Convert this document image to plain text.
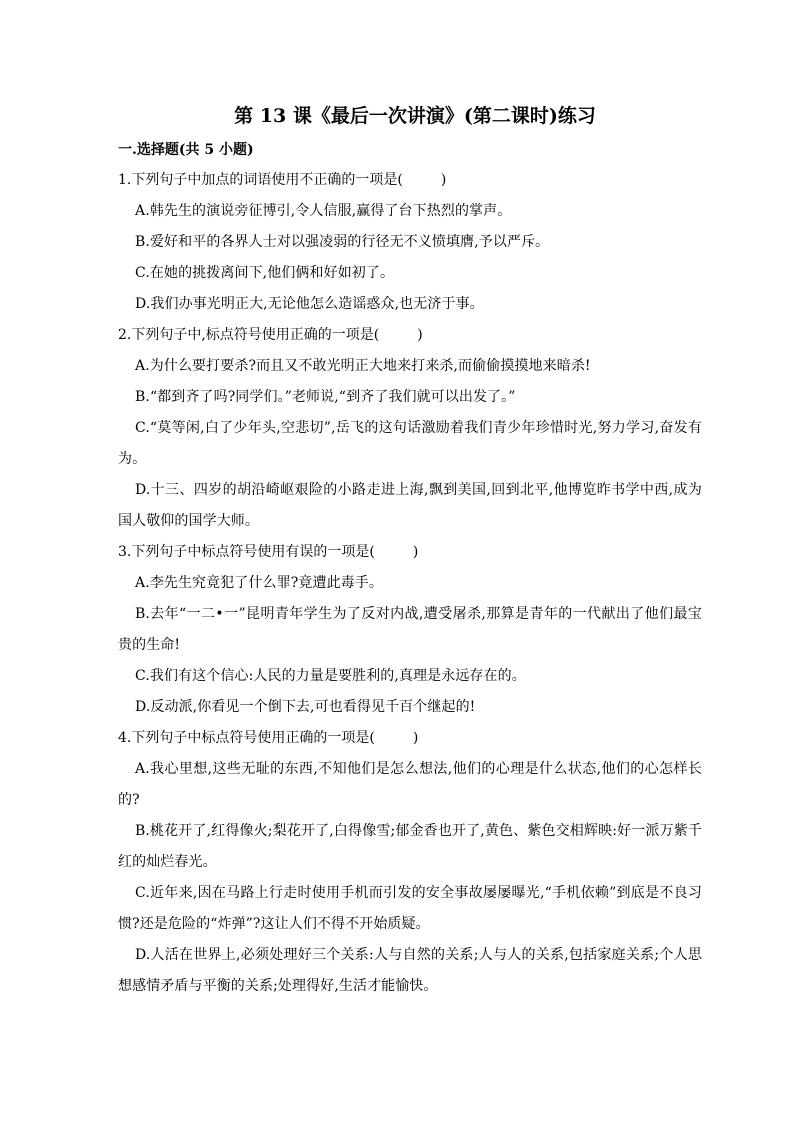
第 13 课《最后一次讲演》(第二课时)练习
一.选择题(共 5 小题)
1.下列句子中加点的词语使用不正确的一项是(	)
A.韩先生的演说旁征博引,令人信服,赢得了台下热烈的掌声。
B.爱好和平的各界人士对以强凌弱的行径无不义愤填膺,予以严斥。
C.在她的挑拨离间下,他们俩和好如初了。
D.我们办事光明正大,无论他怎么造谣惑众,也无济于事。
2.下列句子中,标点符号使用正确的一项是(	)
A.为什么要打要杀?而且又不敢光明正大地来打来杀,而偷偷摸摸地来暗杀!
B.“都到齐了吗?同学们。”老师说,“到齐了我们就可以出发了。”
C.“莫等闲,白了少年头,空悲切”,岳飞的这句话激励着我们青少年珍惜时光,努力学习,奋发有为。
D.十三、四岁的胡沿崎岖艰险的小路走进上海,飘到美国,回到北平,他博览昨书学中西,成为国人敬仰的国学大师。
3.下列句子中标点符号使用有误的一项是(	)
A.李先生究竟犯了什么罪?竟遭此毒手。
B.去年“一二•一”昆明青年学生为了反对内战,遭受屠杀,那算是青年的一代献出了他们最宝贵的生命!
C.我们有这个信心:人民的力量是要胜利的,真理是永远存在的。
D.反动派,你看见一个倒下去,可也看得见千百个继起的!
4.下列句子中标点符号使用正确的一项是(	)
A.我心里想,这些无耻的东西,不知他们是怎么想法,他们的心理是什么状态,他们的心怎样长的?
B.桃花开了,红得像火;梨花开了,白得像雪;郁金香也开了,黄色、紫色交相辉映:好一派万紫千红的灿烂春光。
C.近年来,因在马路上行走时使用手机而引发的安全事故屡屡曝光,“手机依赖”到底是不良习惯?还是危险的“炸弹”?这让人们不得不开始质疑。
D.人活在世界上,必须处理好三个关系:人与自然的关系;人与人的关系,包括家庭关系;个人思想感情矛盾与平衡的关系;处理得好,生活才能愉快。
